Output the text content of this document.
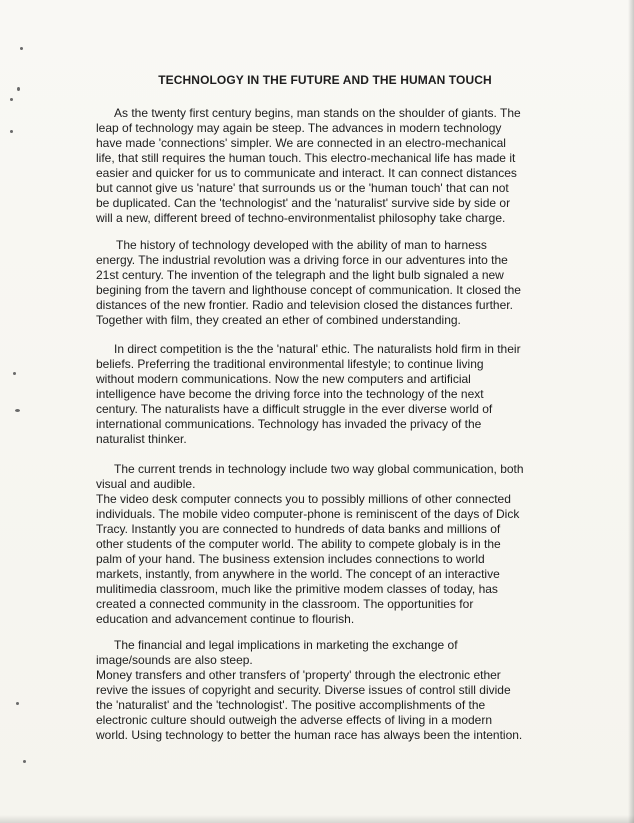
TECHNOLOGY IN THE FUTURE AND THE HUMAN TOUCH

As the twenty first century begins, man stands on the shoulder of giants. The
leap of technology may again be steep. The advances in modern technology
have made 'connections' simpler. We are connected in an electro-mechanical
life, that still requires the human touch. This electro-mechanical life has made it
easier and quicker for us to communicate and interact. It can connect distances
but cannot give us 'nature' that surrounds us or the 'human touch' that can not
be duplicated. Can the 'technologist' and the 'naturalist' survive side by side or
will a new, different breed of techno-environmentalist philosophy take charge.

The history of technology developed with the ability of man to harness
energy. The industrial revolution was a driving force in our adventures into the
21st century. The invention of the telegraph and the light bulb signaled a new
begining from the tavern and lighthouse concept of communication. It closed the
distances of the new frontier. Radio and television closed the distances further.
Together with film, they created an ether of combined understanding.

In direct competition is the the 'natural' ethic. The naturalists hold firm in their
beliefs. Preferring the traditional environmental lifestyle; to continue living
without modern communications. Now the new computers and artificial
intelligence have become the driving force into the technology of the next
century. The naturalists have a difficult struggle in the ever diverse world of
international communications. Technology has invaded the privacy of the
naturalist thinker.

The current trends in technology include two way global communication, both
visual and audible.
The video desk computer connects you to possibly millions of other connected
individuals. The mobile video computer-phone is reminiscent of the days of Dick
Tracy. Instantly you are connected to hundreds of data banks and millions of
other students of the computer world. The ability to compete globaly is in the
palm of your hand. The business extension includes connections to world
markets, instantly, from anywhere in the world. The concept of an interactive
mulitimedia classroom, much like the primitive modem classes of today, has
created a connected community in the classroom. The opportunities for
education and advancement continue to flourish.

The financial and legal implications in marketing the exchange of
image/sounds are also steep.
Money transfers and other transfers of 'property' through the electronic ether
revive the issues of copyright and security. Diverse issues of control still divide
the 'naturalist' and the 'technologist'. The positive accomplishments of the
electronic culture should outweigh the adverse effects of living in a modern
world. Using technology to better the human race has always been the intention.
